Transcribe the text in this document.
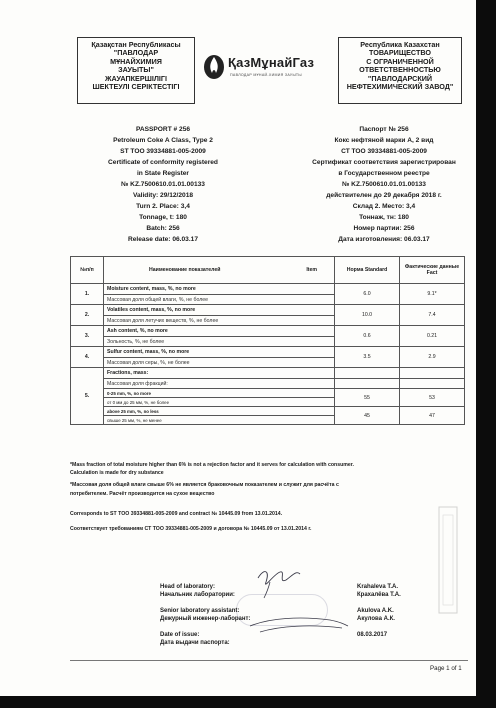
Қазақстан Республикасы
"ПАВЛОДАР
МҰНАЙХИМИЯ
ЗАУЫТЫ"
ЖАУАПКЕРШІЛІГІ
ШЕКТЕУЛІ СЕРІКТЕСТІГІ
ҚазМұнайГаз
ПАВЛОДАР МҰНАЙ-ХИМИЯ ЗАУЫТЫ
Республика Казахстан
ТОВАРИЩЕСТВО
С ОГРАНИЧЕННОЙ
ОТВЕТСТВЕННОСТЬЮ
"ПАВЛОДАРСКИЙ
НЕФТЕХИМИЧЕСКИЙ ЗАВОД"
PASSPORT # 256
Petroleum Coke A Class, Type 2
ST TOO 39334881-005-2009
Certificate of conformity registered
in State Register
№ KZ.7500610.01.01.00133
Validity: 29/12/2018
Turn 2. Place: 3,4
Tonnage, t: 180
Batch: 256
Release date: 06.03.17
Паспорт № 256
Кокс нефтяной марки А, 2 вид
СТ ТОО 39334881-005-2009
Сертификат соответствия зарегистрирован
в Государственном реестре
№ KZ.7500610.01.01.00133
действителен до 29 декабря 2018 г.
Склад 2. Место: 3,4
Тоннаж, тн: 180
Номер партии: 256
Дата изготовления: 06.03.17
№п/п	Наименование показателей Item	Норма Standard	Фактические данные Fact
1.	Moisture content, mass, %, no more	6.0	9.1*
	Массовая доля общей влаги, %, не более		
2.	Volatiles content, mass, %, no more	10.0	7.4
	Массовая доля летучих веществ, %, не более		
3.	Ash content, %, no more	0.6	0.21
	Зольность, %, не более		
4.	Sulfur content, mass, %, no more	3.5	2.9
	Массовая доля серы, %, не более		
5.	Fractions, mass:		
	Массовая доля фракций:		
	0-25 mm, %, no more	55	53
	от 0 мм до 25 мм, %, не более		
	above 25 mm, %, no less	45	47
	свыше 25 мм, %, не менее		
*Mass fraction of total moisture higher than 6% is not a rejection factor and it serves for calculation with consumer.
Calculation is made for dry substance
*Массовая доля общей влаги свыше 6% не является браковочным показателем и служит для расчёта с
потребителем. Расчёт производится на сухое вещество
Corresponds to ST TOO 39334881-005-2009 and contract № 10445.09 from 13.01.2014.
Соответствует требованиям СТ ТОО 39334881-005-2009 и договора № 10445.09 от 13.01.2014 г.
Head of laboratory:
Начальник лаборатории:
Senior laboratory assistant:
Дежурный инженер-лаборант:
Date of issue:
Дата выдачи паспорта:
Krahaleva T.A.
Крахалёва Т.А.
Akulova A.K.
Акулова А.К.
08.03.2017
Page 1 of 1
